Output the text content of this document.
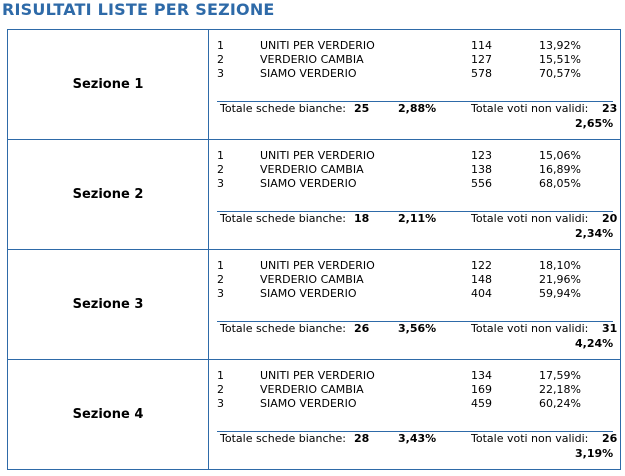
RISULTATI LISTE PER SEZIONE
Sezione 1
1	UNITI PER VERDERIO	114	13,92%
2	VERDERIO CAMBIA	127	15,51%
3	SIAMO VERDERIO	578	70,57%
Totale schede bianche: 25	2,88%	Totale voti non validi: 23
2,65%
Sezione 2
1	UNITI PER VERDERIO	123	15,06%
2	VERDERIO CAMBIA	138	16,89%
3	SIAMO VERDERIO	556	68,05%
Totale schede bianche: 18	2,11%	Totale voti non validi: 20
2,34%
Sezione 3
1	UNITI PER VERDERIO	122	18,10%
2	VERDERIO CAMBIA	148	21,96%
3	SIAMO VERDERIO	404	59,94%
Totale schede bianche: 26	3,56%	Totale voti non validi: 31
4,24%
Sezione 4
1	UNITI PER VERDERIO	134	17,59%
2	VERDERIO CAMBIA	169	22,18%
3	SIAMO VERDERIO	459	60,24%
Totale schede bianche: 28	3,43%	Totale voti non validi: 26
3,19%
